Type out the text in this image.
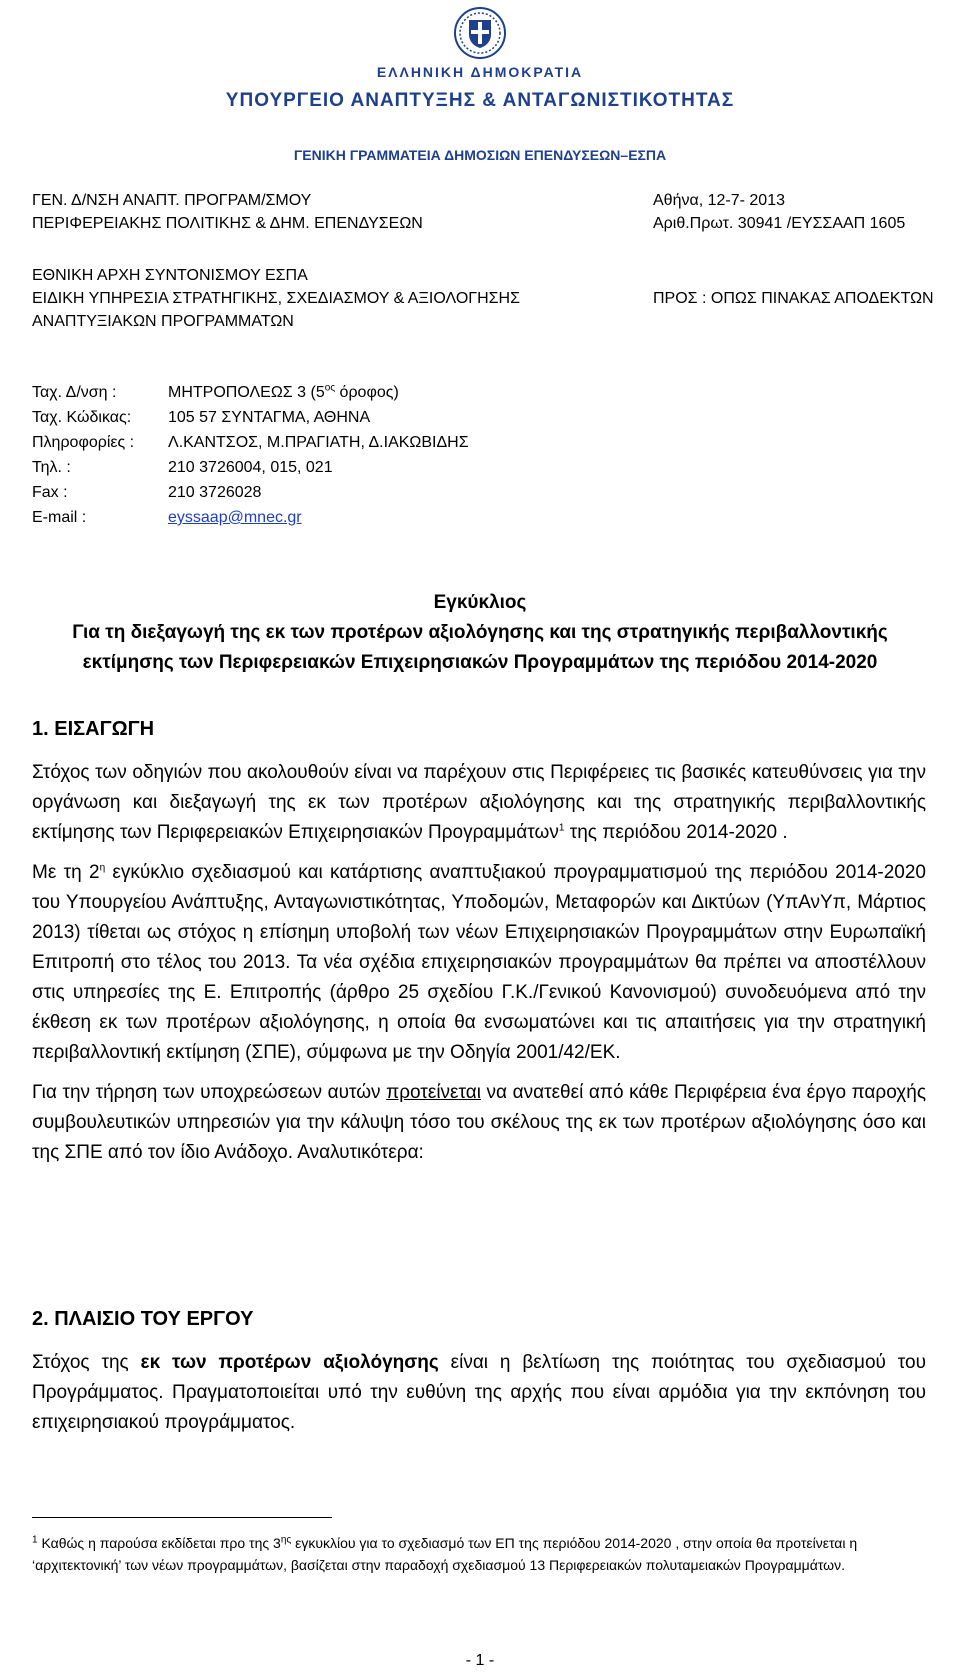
ΕΛΛΗΝΙΚΗ ΔΗΜΟΚΡΑΤΙΑ
ΥΠΟΥΡΓΕΙΟ ΑΝΑΠΤΥΞΗΣ & ΑΝΤΑΓΩΝΙΣΤΙΚΟΤΗΤΑΣ
ΓΕΝΙΚΗ ΓΡΑΜΜΑΤΕΙΑ ΔΗΜΟΣΙΩΝ ΕΠΕΝΔΥΣΕΩΝ–ΕΣΠΑ
ΓΕΝ. Δ/ΝΣΗ ΑΝΑΠΤ. ΠΡΟΓΡΑΜ/ΣΜΟΥ
ΠΕΡΙΦΕΡΕΙΑΚΗΣ ΠΟΛΙΤΙΚΗΣ & ΔΗΜ. ΕΠΕΝΔΥΣΕΩΝ
ΕΘΝΙΚΗ ΑΡΧΗ ΣΥΝΤΟΝΙΣΜΟΥ ΕΣΠΑ
ΕΙΔΙΚΗ ΥΠΗΡΕΣΙΑ ΣΤΡΑΤΗΓΙΚΗΣ, ΣΧΕΔΙΑΣΜΟΥ & ΑΞΙΟΛΟΓΗΣΗΣ
ΑΝΑΠΤΥΞΙΑΚΩΝ ΠΡΟΓΡΑΜΜΑΤΩΝ
Αθήνα, 12-7- 2013
Αριθ.Πρωτ. 30941 /ΕΥΣΣΑΑΠ 1605
ΠΡΟΣ : ΟΠΩΣ ΠΙΝΑΚΑΣ ΑΠΟΔΕΚΤΩΝ
Ταχ. Δ/νση :	ΜΗΤΡΟΠΟΛΕΩΣ 3 ($5^{o\varsigma}$ όροφος)
Ταχ. Κώδικας:	105 57 ΣΥΝΤΑΓΜΑ, ΑΘΗΝΑ
Πληροφορίες :	Λ.ΚΑΝΤΣΟΣ, Μ.ΠΡΑΓΙΑΤΗ, Δ.ΙΑΚΩΒΙΔΗΣ
Τηλ. :	210 3726004, 015, 021
Fax :	210 3726028
E-mail :	eyssaap@mnec.gr
Εγκύκλιος
Για τη διεξαγωγή της εκ των προτέρων αξιολόγησης και της στρατηγικής περιβαλλοντικής
εκτίμησης των Περιφερειακών Επιχειρησιακών Προγραμμάτων της περιόδου 2014-2020
1. ΕΙΣΑΓΩΓΗ

Στόχος των οδηγιών που ακολουθούν είναι να παρέχουν στις Περιφέρειες τις βασικές κατευθύνσεις για την οργάνωση και διεξαγωγή της εκ των προτέρων αξιολόγησης και της στρατηγικής περιβαλλοντικής εκτίμησης των Περιφερειακών Επιχειρησιακών Προγραμμάτων$^1$ της περιόδου 2014-2020 .

Με τη $2^\eta$ εγκύκλιο σχεδιασμού και κατάρτισης αναπτυξιακού προγραμματισμού της περιόδου 2014-2020 του Υπουργείου Ανάπτυξης, Ανταγωνιστικότητας, Υποδομών, Μεταφορών και Δικτύων (ΥπΑνΥπ, Μάρτιος 2013) τίθεται ως στόχος η επίσημη υποβολή των νέων Επιχειρησιακών Προγραμμάτων στην Ευρωπαϊκή Επιτροπή στο τέλος του 2013. Τα νέα σχέδια επιχειρησιακών προγραμμάτων θα πρέπει να αποστέλλουν στις υπηρεσίες της Ε. Επιτροπής (άρθρο 25 σχεδίου Γ.Κ./Γενικού Κανονισμού) συνοδευόμενα από την έκθεση εκ των προτέρων αξιολόγησης, η οποία θα ενσωματώνει και τις απαιτήσεις για την στρατηγική περιβαλλοντική εκτίμηση (ΣΠΕ), σύμφωνα με την Οδηγία 2001/42/ΕΚ.

Για την τήρηση των υποχρεώσεων αυτών προτείνεται να ανατεθεί από κάθε Περιφέρεια ένα έργο παροχής συμβουλευτικών υπηρεσιών για την κάλυψη τόσο του σκέλους της εκ των προτέρων αξιολόγησης όσο και της ΣΠΕ από τον ίδιο Ανάδοχο. Αναλυτικότερα:

2. ΠΛΑΙΣΙΟ ΤΟΥ ΕΡΓΟΥ

Στόχος της εκ των προτέρων αξιολόγησης είναι η βελτίωση της ποιότητας του σχεδιασμού του Προγράμματος. Πραγματοποιείται υπό την ευθύνη της αρχής που είναι αρμόδια για την εκπόνηση του επιχειρησιακού προγράμματος.

$^1$ Καθώς η παρούσα εκδίδεται προ της $3^{\eta\varsigma}$ εγκυκλίου για το σχεδιασμό των ΕΠ της περιόδου 2014-2020 , στην οποία θα προτείνεται η ‘αρχιτεκτονική’ των νέων προγραμμάτων, βασίζεται στην παραδοχή σχεδιασμού 13 Περιφερειακών πολυταμειακών Προγραμμάτων.
- 1 -
